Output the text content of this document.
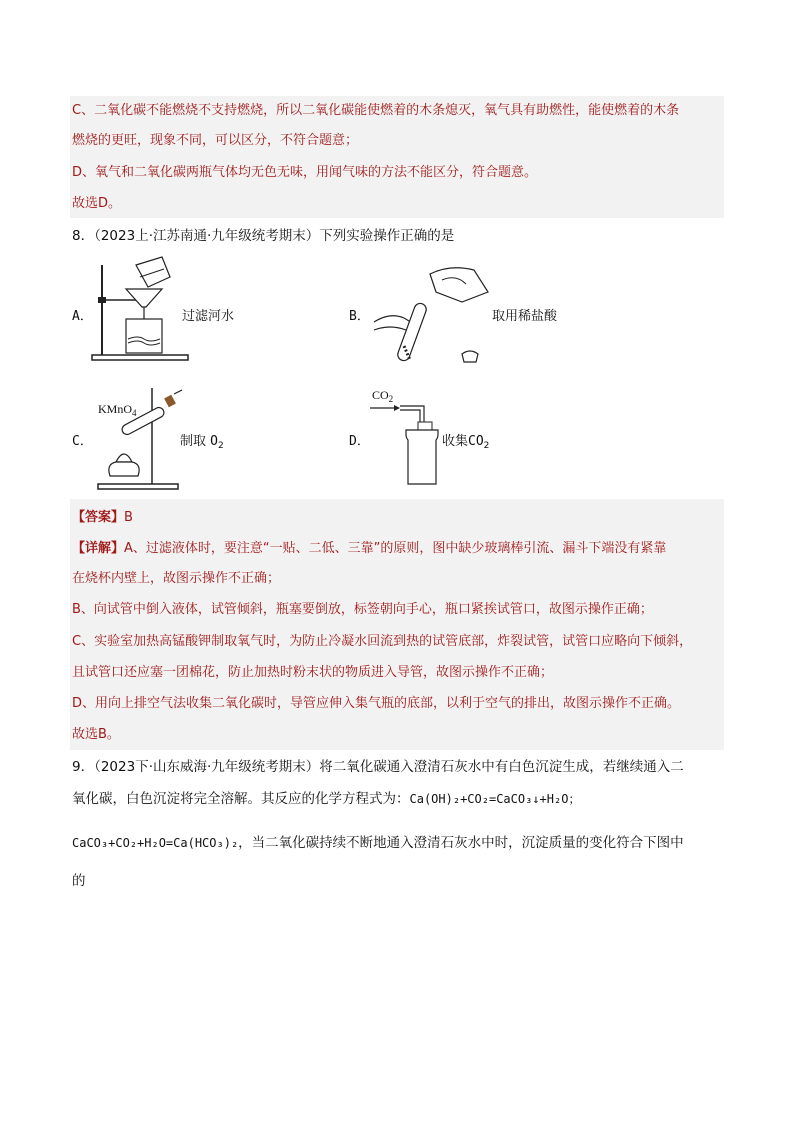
C、二氧化碳不能燃烧不支持燃烧，所以二氧化碳能使燃着的木条熄灭，氧气具有助燃性，能使燃着的木条
燃烧的更旺，现象不同，可以区分，不符合题意；
D、氧气和二氧化碳两瓶气体均无色无味，用闻气味的方法不能区分，符合题意。
故选D。
8．（2023上·江苏南通·九年级统考期末）下列实验操作正确的是
A．	过滤河水	B．	取用稀盐酸
C．
KMnO$_4$
制取 $O_2$	D．
$CO_2$
收集$CO_2$
【答案】B
【详解】A、过滤液体时，要注意“一贴、二低、三靠”的原则，图中缺少玻璃棒引流、漏斗下端没有紧靠
在烧杯内壁上，故图示操作不正确；
B、向试管中倒入液体，试管倾斜，瓶塞要倒放，标签朝向手心，瓶口紧挨试管口，故图示操作正确；
C、实验室加热高锰酸钾制取氧气时，为防止冷凝水回流到热的试管底部，炸裂试管，试管口应略向下倾斜，
且试管口还应塞一团棉花，防止加热时粉末状的物质进入导管，故图示操作不正确；
D、用向上排空气法收集二氧化碳时，导管应伸入集气瓶的底部，以利于空气的排出，故图示操作不正确。
故选B。
9．（2023下·山东威海·九年级统考期末）将二氧化碳通入澄清石灰水中有白色沉淀生成，若继续通入二
氧化碳，白色沉淀将完全溶解。其反应的化学方程式为：Ca(OH)₂+CO₂=CaCO₃↓+H₂O；
CaCO₃+CO₂+H₂O=Ca(HCO₃)₂，当二氧化碳持续不断地通入澄清石灰水中时，沉淀质量的变化符合下图中
的
